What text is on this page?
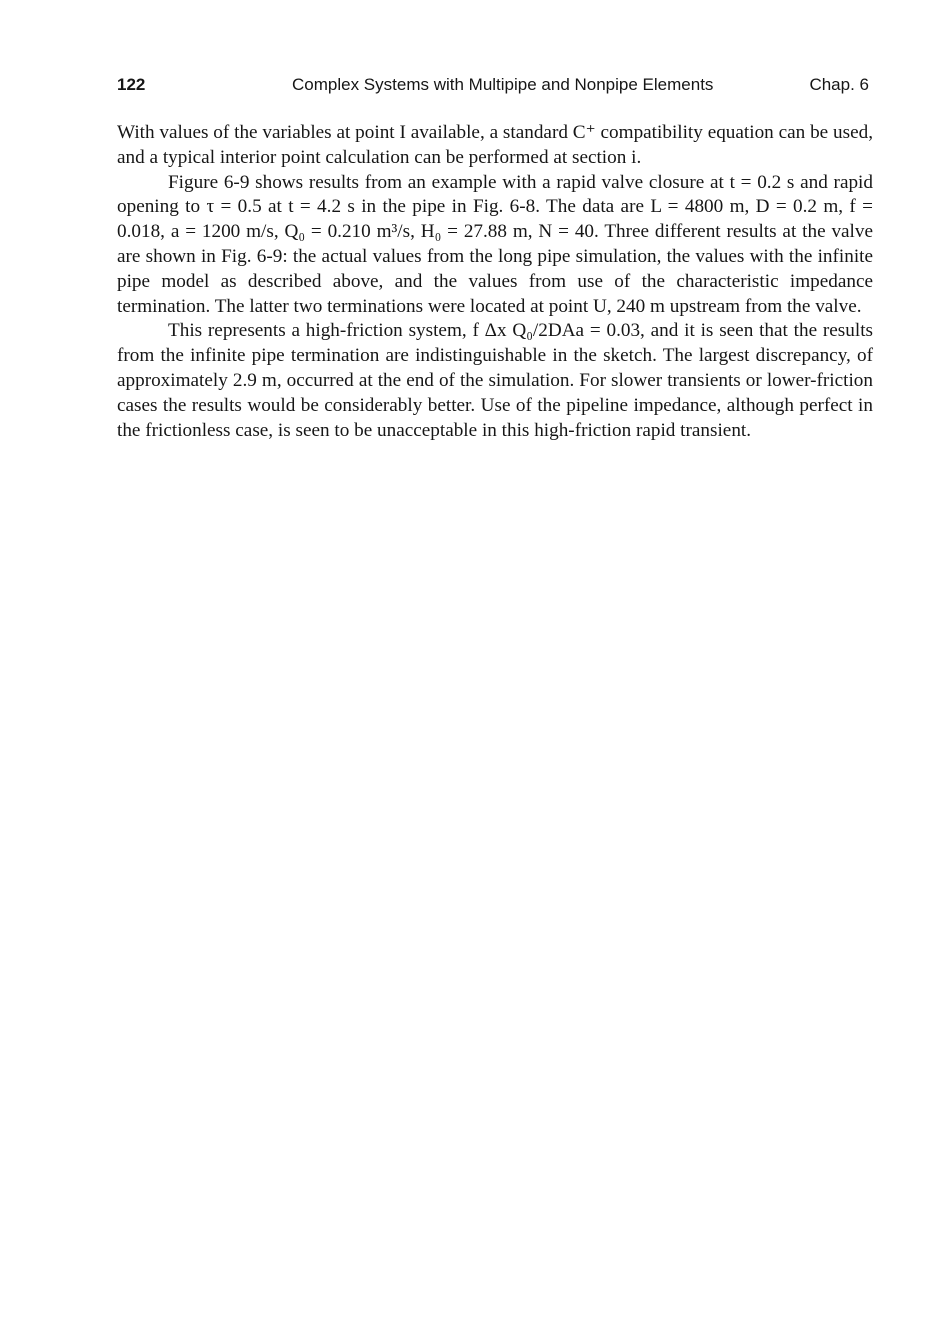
122	Complex Systems with Multipipe and Nonpipe Elements	Chap. 6

With values of the variables at point I available, a standard C⁺ compatibility equation can be used, and a typical interior point calculation can be performed at section i.

Figure 6-9 shows results from an example with a rapid valve closure at t = 0.2 s and rapid opening to τ = 0.5 at t = 4.2 s in the pipe in Fig. 6-8. The data are L = 4800 m, D = 0.2 m, f = 0.018, a = 1200 m/s, Q₀ = 0.210 m³/s, H₀ = 27.88 m, N = 40. Three different results at the valve are shown in Fig. 6-9: the actual values from the long pipe simulation, the values with the infinite pipe model as described above, and the values from use of the characteristic impedance termination. The latter two terminations were located at point U, 240 m upstream from the valve.

This represents a high-friction system, f Δx Q₀/2DAa = 0.03, and it is seen that the results from the infinite pipe termination are indistinguishable in the sketch. The largest discrepancy, of approximately 2.9 m, occurred at the end of the simulation. For slower transients or lower-friction cases the results would be considerably better. Use of the pipeline impedance, although perfect in the frictionless case, is seen to be unacceptable in this high-friction rapid transient.
